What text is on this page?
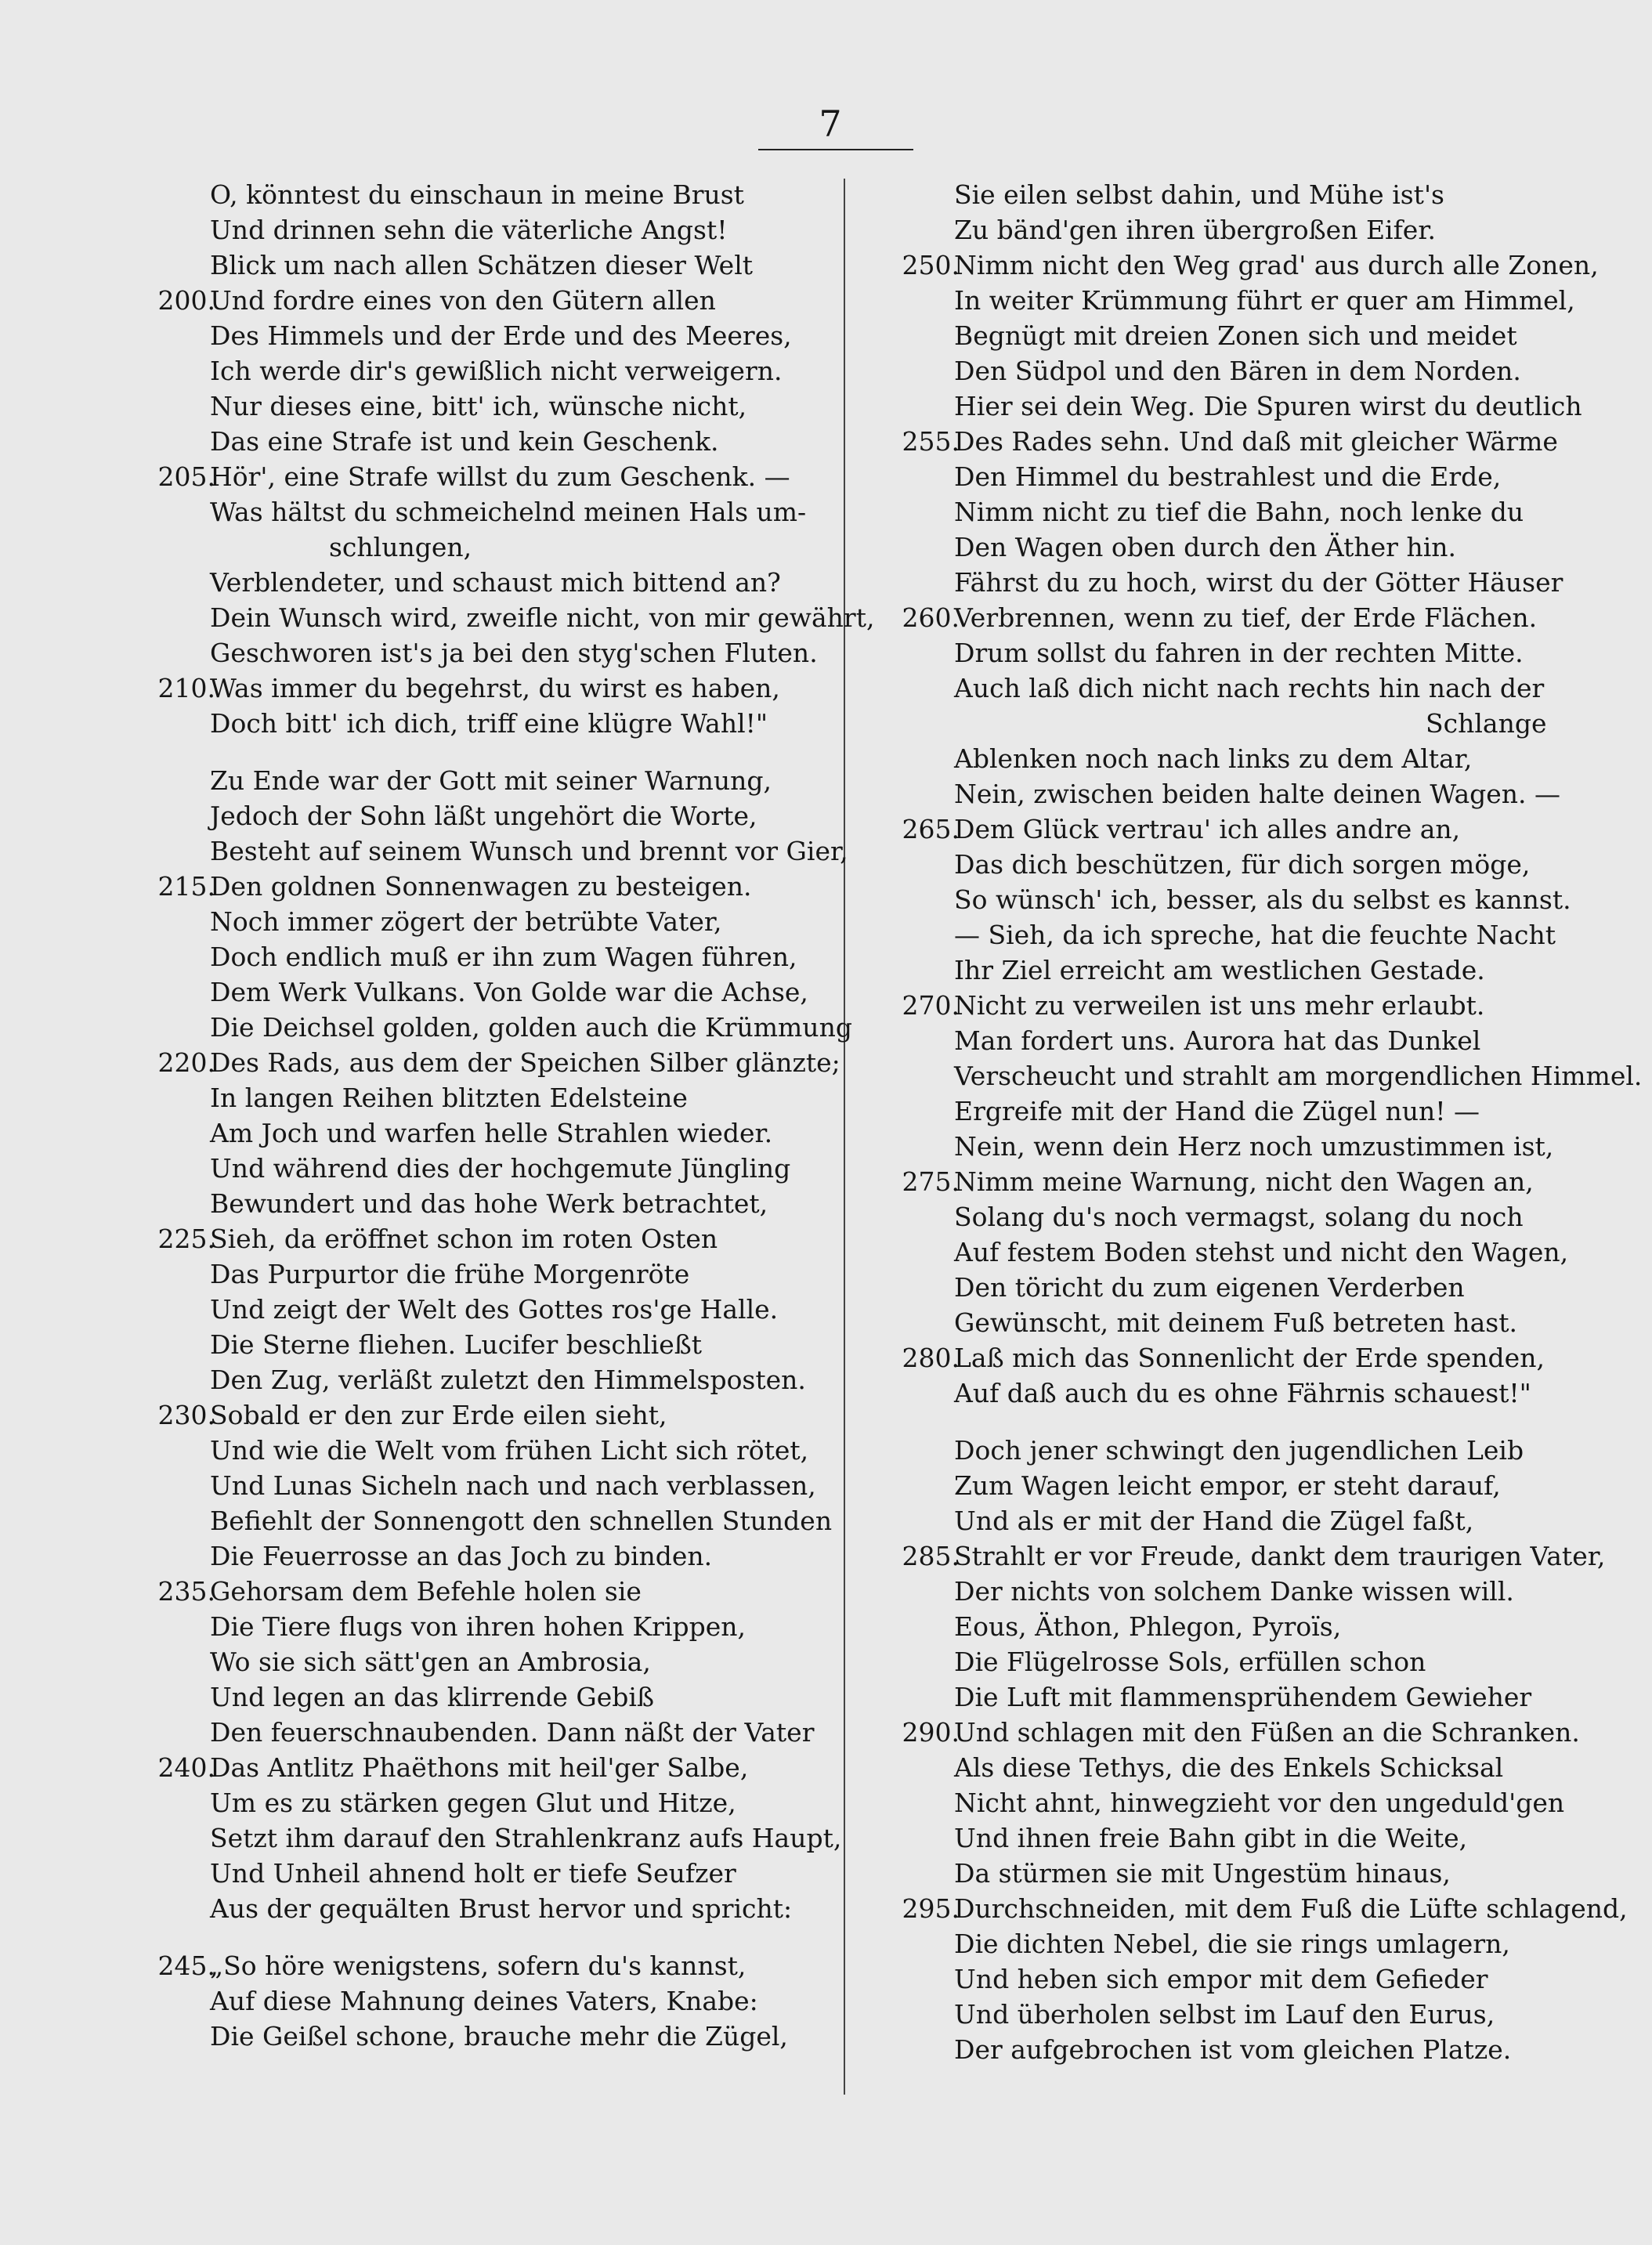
7
O, könntest du einschaun in meine Brust
Und drinnen sehn die väterliche Angst!
Blick um nach allen Schätzen dieser Welt
200.
Und fordre eines von den Gütern allen
Des Himmels und der Erde und des Meeres,
Ich werde dir's gewißlich nicht verweigern.
Nur dieses eine, bitt' ich, wünsche nicht,
Das eine Strafe ist und kein Geschenk.
205.
Hör', eine Strafe willst du zum Geschenk. —
Was hältst du schmeichelnd meinen Hals um-
schlungen,
Verblendeter, und schaust mich bittend an?
Dein Wunsch wird, zweifle nicht, von mir gewährt,
Geschworen ist's ja bei den styg'schen Fluten.
210.
Was immer du begehrst, du wirst es haben,
Doch bitt' ich dich, triff eine klügre Wahl!"
Zu Ende war der Gott mit seiner Warnung,
Jedoch der Sohn läßt ungehört die Worte,
Besteht auf seinem Wunsch und brennt vor Gier,
215.
Den goldnen Sonnenwagen zu besteigen.
Noch immer zögert der betrübte Vater,
Doch endlich muß er ihn zum Wagen führen,
Dem Werk Vulkans. Von Golde war die Achse,
Die Deichsel golden, golden auch die Krümmung
220.
Des Rads, aus dem der Speichen Silber glänzte;
In langen Reihen blitzten Edelsteine
Am Joch und warfen helle Strahlen wieder.
Und während dies der hochgemute Jüngling
Bewundert und das hohe Werk betrachtet,
225.
Sieh, da eröffnet schon im roten Osten
Das Purpurtor die frühe Morgenröte
Und zeigt der Welt des Gottes ros'ge Halle.
Die Sterne fliehen. Lucifer beschließt
Den Zug, verläßt zuletzt den Himmelsposten.
230.
Sobald er den zur Erde eilen sieht,
Und wie die Welt vom frühen Licht sich rötet,
Und Lunas Sicheln nach und nach verblassen,
Befiehlt der Sonnengott den schnellen Stunden
Die Feuerrosse an das Joch zu binden.
235.
Gehorsam dem Befehle holen sie
Die Tiere flugs von ihren hohen Krippen,
Wo sie sich sätt'gen an Ambrosia,
Und legen an das klirrende Gebiß
Den feuerschnaubenden. Dann näßt der Vater
240.
Das Antlitz Phaëthons mit heil'ger Salbe,
Um es zu stärken gegen Glut und Hitze,
Setzt ihm darauf den Strahlenkranz aufs Haupt,
Und Unheil ahnend holt er tiefe Seufzer
Aus der gequälten Brust hervor und spricht:
245.
„So höre wenigstens, sofern du's kannst,
Auf diese Mahnung deines Vaters, Knabe:
Die Geißel schone, brauche mehr die Zügel,
Sie eilen selbst dahin, und Mühe ist's
Zu bänd'gen ihren übergroßen Eifer.
250.
Nimm nicht den Weg grad' aus durch alle Zonen,
In weiter Krümmung führt er quer am Himmel,
Begnügt mit dreien Zonen sich und meidet
Den Südpol und den Bären in dem Norden.
Hier sei dein Weg. Die Spuren wirst du deutlich
255.
Des Rades sehn. Und daß mit gleicher Wärme
Den Himmel du bestrahlest und die Erde,
Nimm nicht zu tief die Bahn, noch lenke du
Den Wagen oben durch den Äther hin.
Fährst du zu hoch, wirst du der Götter Häuser
260.
Verbrennen, wenn zu tief, der Erde Flächen.
Drum sollst du fahren in der rechten Mitte.
Auch laß dich nicht nach rechts hin nach der
Schlange
Ablenken noch nach links zu dem Altar,
Nein, zwischen beiden halte deinen Wagen. —
265.
Dem Glück vertrau' ich alles andre an,
Das dich beschützen, für dich sorgen möge,
So wünsch' ich, besser, als du selbst es kannst.
— Sieh, da ich spreche, hat die feuchte Nacht
Ihr Ziel erreicht am westlichen Gestade.
270.
Nicht zu verweilen ist uns mehr erlaubt.
Man fordert uns. Aurora hat das Dunkel
Verscheucht und strahlt am morgendlichen Himmel.
Ergreife mit der Hand die Zügel nun! —
Nein, wenn dein Herz noch umzustimmen ist,
275.
Nimm meine Warnung, nicht den Wagen an,
Solang du's noch vermagst, solang du noch
Auf festem Boden stehst und nicht den Wagen,
Den töricht du zum eigenen Verderben
Gewünscht, mit deinem Fuß betreten hast.
280.
Laß mich das Sonnenlicht der Erde spenden,
Auf daß auch du es ohne Fährnis schauest!"
Doch jener schwingt den jugendlichen Leib
Zum Wagen leicht empor, er steht darauf,
Und als er mit der Hand die Zügel faßt,
285.
Strahlt er vor Freude, dankt dem traurigen Vater,
Der nichts von solchem Danke wissen will.
Eous, Äthon, Phlegon, Pyroïs,
Die Flügelrosse Sols, erfüllen schon
Die Luft mit flammensprühendem Gewieher
290.
Und schlagen mit den Füßen an die Schranken.
Als diese Tethys, die des Enkels Schicksal
Nicht ahnt, hinwegzieht vor den ungeduld'gen
Und ihnen freie Bahn gibt in die Weite,
Da stürmen sie mit Ungestüm hinaus,
295.
Durchschneiden, mit dem Fuß die Lüfte schlagend,
Die dichten Nebel, die sie rings umlagern,
Und heben sich empor mit dem Gefieder
Und überholen selbst im Lauf den Eurus,
Der aufgebrochen ist vom gleichen Platze.
